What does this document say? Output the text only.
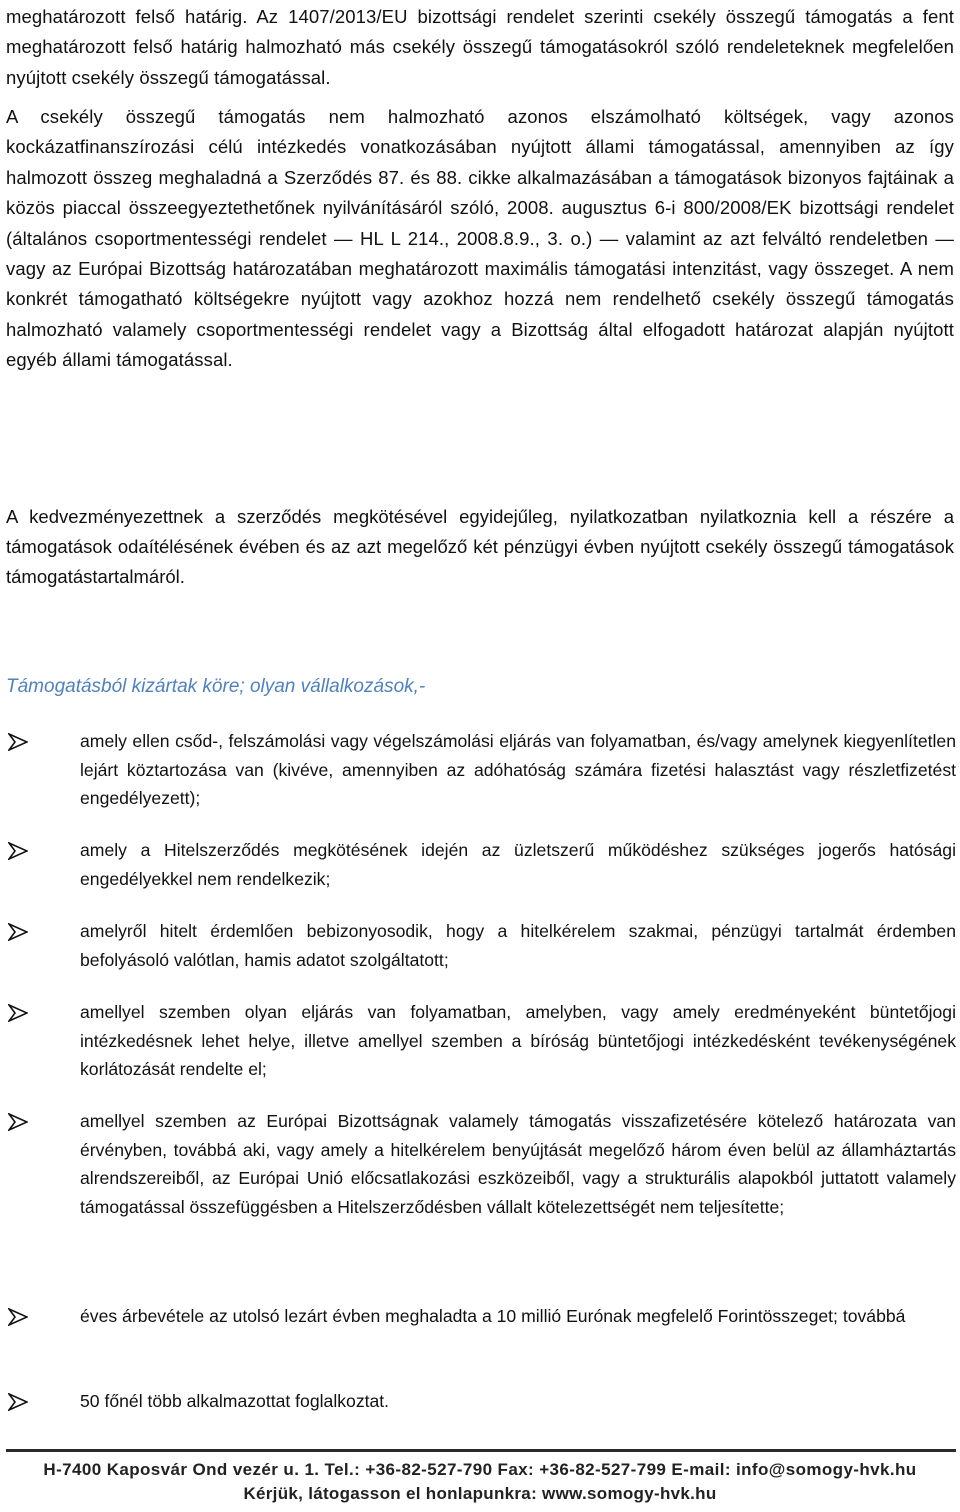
meghatározott felső határig. Az 1407/2013/EU bizottsági rendelet szerinti csekély összegű támogatás a fent meghatározott felső határig halmozható más csekély összegű támogatásokról szóló rendeleteknek megfelelően nyújtott csekély összegű támogatással.

A csekély összegű támogatás nem halmozható azonos elszámolható költségek, vagy azonos kockázatfinanszírozási célú intézkedés vonatkozásában nyújtott állami támogatással, amennyiben az így halmozott összeg meghaladná a Szerződés 87. és 88. cikke alkalmazásában a támogatások bizonyos fajtáinak a közös piaccal összeegyeztethetőnek nyilvánításáról szóló, 2008. augusztus 6-i 800/2008/EK bizottsági rendelet (általános csoportmentességi rendelet — HL L 214., 2008.8.9., 3. o.) — valamint az azt felváltó rendeletben — vagy az Európai Bizottság határozatában meghatározott maximális támogatási intenzitást, vagy összeget. A nem konkrét támogatható költségekre nyújtott vagy azokhoz hozzá nem rendelhető csekély összegű támogatás halmozható valamely csoportmentességi rendelet vagy a Bizottság által elfogadott határozat alapján nyújtott egyéb állami támogatással.

A kedvezményezettnek a szerződés megkötésével egyidejűleg, nyilatkozatban nyilatkoznia kell a részére a támogatások odaítélésének évében és az azt megelőző két pénzügyi évben nyújtott csekély összegű támogatások támogatástartalmáról.

Támogatásból kizártak köre; olyan vállalkozások,-

amely ellen csőd-, felszámolási vagy végelszámolási eljárás van folyamatban, és/vagy amelynek kiegyenlítetlen lejárt köztartozása van (kivéve, amennyiben az adóhatóság számára fizetési halasztást vagy részletfizetést engedélyezett);

amely a Hitelszerződés megkötésének idején az üzletszerű működéshez szükséges jogerős hatósági engedélyekkel nem rendelkezik;

amelyről hitelt érdemlően bebizonyosodik, hogy a hitelkérelem szakmai, pénzügyi tartalmát érdemben befolyásoló valótlan, hamis adatot szolgáltatott;

amellyel szemben olyan eljárás van folyamatban, amelyben, vagy amely eredményeként büntetőjogi intézkedésnek lehet helye, illetve amellyel szemben a bíróság büntetőjogi intézkedésként tevékenységének korlátozását rendelte el;

amellyel szemben az Európai Bizottságnak valamely támogatás visszafizetésére kötelező határozata van érvényben, továbbá aki, vagy amely a hitelkérelem benyújtását megelőző három éven belül az államháztartás alrendszereiből, az Európai Unió előcsatlakozási eszközeiből, vagy a strukturális alapokból juttatott valamely támogatással összefüggésben a Hitelszerződésben vállalt kötelezettségét nem teljesítette;

éves árbevétele az utolsó lezárt évben meghaladta a 10 millió Eurónak megfelelő Forintösszeget; továbbá

50 főnél több alkalmazottat foglalkoztat.

H-7400 Kaposvár Ond vezér u. 1. Tel.: +36-82-527-790 Fax: +36-82-527-799 E-mail: info@somogy-hvk.hu
Kérjük, látogasson el honlapunkra: www.somogy-hvk.hu
